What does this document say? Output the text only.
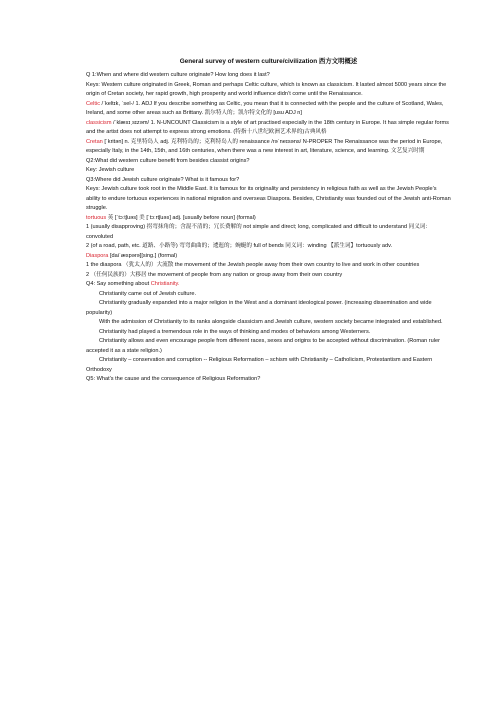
General survey of western culture/civilization 西方文明概述

Q 1:When and where did western culture originate? How long does it last?

Keys: Western culture originated in Greek, Roman and perhaps Celtic culture, which is known as classicism. It lasted almost 5000 years since the origin of Cretan society, her rapid growth, high prosperity and world influence didn’t come until the Renaissance.

Celtic /ˈkeltɪk, ˈsel-/ 1. ADJ If you describe something as Celtic, you mean that it is connected with the people and the culture of Scotland, Wales, Ireland, and some other areas such as Brittany. 凯尔特人的；凯尔特文化的 [usu ADJ n]

classicism /ˈklæsɪˌsɪzəm/ 1. N-UNCOUNT Classicism is a style of art practised especially in the 18th century in Europe. It has simple regular forms and the artist does not attempt to express strong emotions. (特指十八世纪欧洲艺术界的)古典风格

Cretan [ˈkritən] n. 克里特岛人 adj. 克利特岛的；克利特岛人的 renaissance /rəˈneɪsəns/ N-PROPER The Renaissance was the period in Europe, especially Italy, in the 14th, 15th, and 16th centuries, when there was a new interest in art, literature, science, and learning. 文艺复兴时期

Q2:What did western culture benefit from besides classist origins?

Key: Jewish culture

Q3:Where did Jewish culture originate? What is it famous for?

Keys: Jewish culture took root in the Middle East. It is famous for its originality and persistency in religious faith as well as the Jewish People’s ability to endure tortuous experiences in national migration and overseas Diaspora. Besides, Christianity was founded out of the Jewish anti-Roman struggle.

tortuous 英 [ˈtɔːtʃuəs] 美 [ˈtɔːrtʃuəs] adj. [usually before noun] (formal)

1 (usually disapproving) 拐弯抹角的；含混不清的；冗长费解的 not simple and direct; long, complicated and difficult to understand 同义词： convoluted

2 (of a road, path, etc. 道路、小路等) 弯弯曲曲的；逶迤的；蜿蜒的 full of bends 同义词：winding 【派生词】tortuously adv.

Diaspora [daiˈæspərə][sing.] (formal)

1 the diaspora （犹太人的）大流散 the movement of the Jewish people away from their own country to live and work in other countries

2 （任何民族的）大移居 the movement of people from any nation or group away from their own country

Q4: Say something about Christianity.

Christianity came out of Jewish culture.

Christianity gradually expanded into a major religion in the West and a dominant ideological power. (increasing dissemination and wide popularity)

With the admission of Christianity to its ranks alongside classicism and Jewish culture, western society became integrated and established.

Christianity had played a tremendous role in the ways of thinking and modes of behaviors among Westerners.

Christianity allows and even encourage people from different races, sexes and origins to be accepted without discrimination. (Roman ruler accepted it as a state religion.)

Christianity – conservation and corruption -- Religious Reformation – schism with Christianity – Catholicism, Protestantism and Eastern Orthodoxy

Q5: What’s the cause and the consequence of Religious Reformation?
